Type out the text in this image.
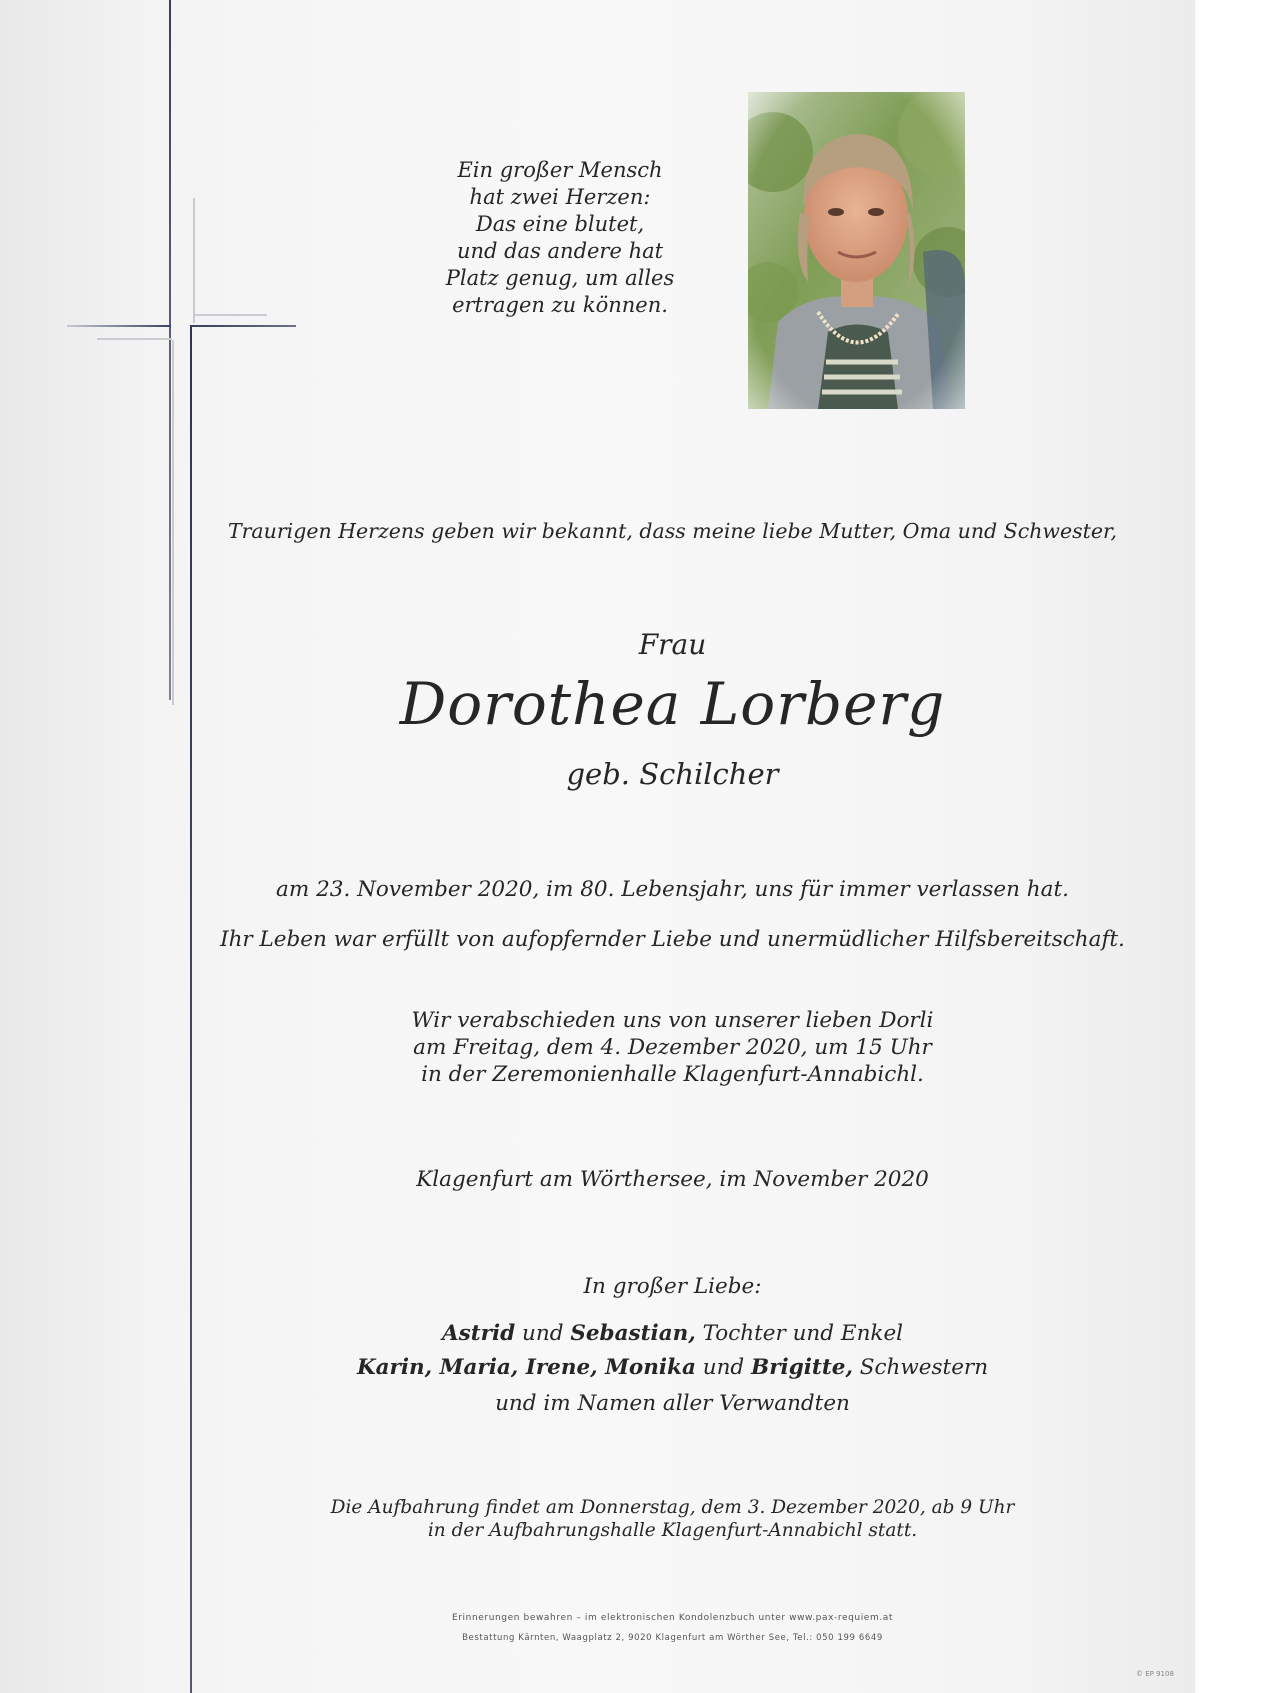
Ein großer Mensch
hat zwei Herzen:
Das eine blutet,
und das andere hat
Platz genug, um alles
ertragen zu können.
Traurigen Herzens geben wir bekannt, dass meine liebe Mutter, Oma und Schwester,
Frau
Dorothea Lorberg
geb. Schilcher
am 23. November 2020, im 80. Lebensjahr, uns für immer verlassen hat.
Ihr Leben war erfüllt von aufopfernder Liebe und unermüdlicher Hilfsbereitschaft.
Wir verabschieden uns von unserer lieben Dorli
am Freitag, dem 4. Dezember 2020, um 15 Uhr
in der Zeremonienhalle Klagenfurt-Annabichl.
Klagenfurt am Wörthersee, im November 2020
In großer Liebe:
Astrid und Sebastian, Tochter und Enkel
Karin, Maria, Irene, Monika und Brigitte, Schwestern
und im Namen aller Verwandten
Die Aufbahrung findet am Donnerstag, dem 3. Dezember 2020, ab 9 Uhr
in der Aufbahrungshalle Klagenfurt-Annabichl statt.
Erinnerungen bewahren – im elektronischen Kondolenzbuch unter www.pax-requiem.at
Bestattung Kärnten, Waagplatz 2, 9020 Klagenfurt am Wörther See, Tel.: 050 199 6649
© EP 9108
